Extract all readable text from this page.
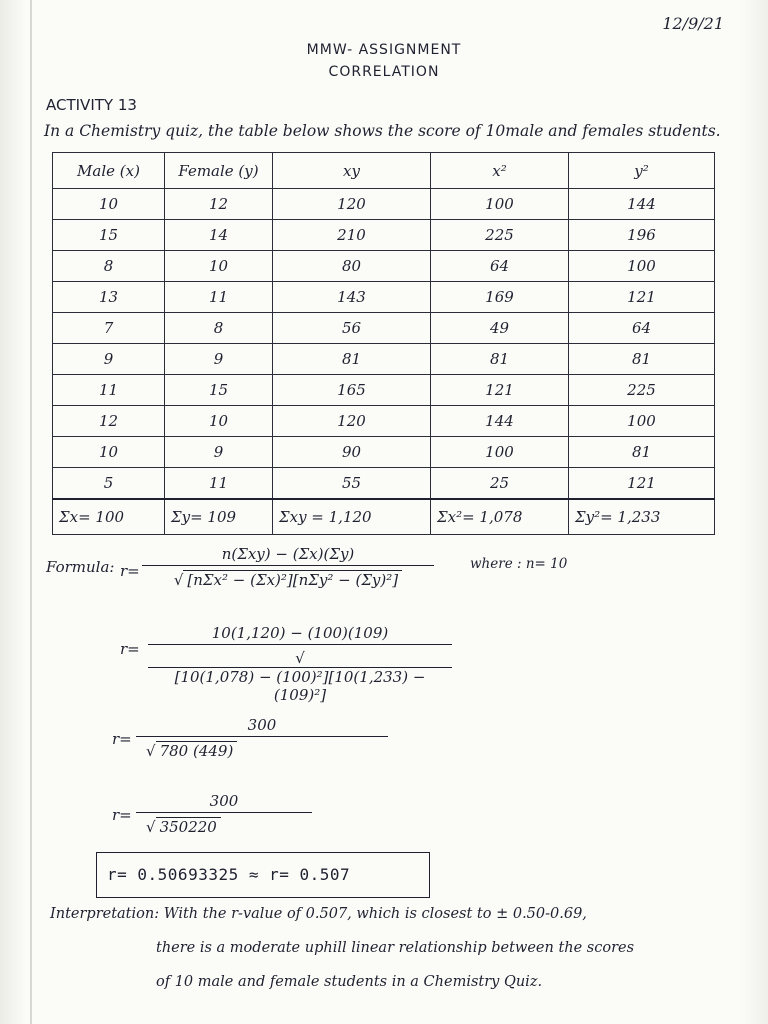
12/9/21
MMW- ASSIGNMENT
CORRELATION
ACTIVITY 13
In a Chemistry quiz, the table below shows the score of 10male and females students.
Male (x)	Female (y)	xy	x²	y²
10	12	120	100	144
15	14	210	225	196
8	10	80	64	100
13	11	143	169	121
7	8	56	49	64
9	9	81	81	81
11	15	165	121	225
12	10	120	144	100
10	9	90	100	81
5	11	55	25	121
Σx= 100	Σy= 109	Σxy = 1,120	Σx²= 1,078	Σy²= 1,233
Formula: r=
n(Σxy) − (Σx)(Σy)
√ [nΣx² − (Σx)²][nΣy² − (Σy)²]
where : n= 10
$r= \frac{10(1,120) - (100)(109)}{\text{√[10(1,078) − (100)²][10(1,233) − (109)²]}}$
$r= \frac{300}{√ 780 (449)}$
$r= \frac{300}{√ 350220}$
r= 0.50693325 ≈ r= 0.507
Interpretation: With the r-value of 0.507, which is closest to ± 0.50-0.69,
there is a moderate uphill linear relationship between the scores
of 10 male and female students in a Chemistry Quiz.
